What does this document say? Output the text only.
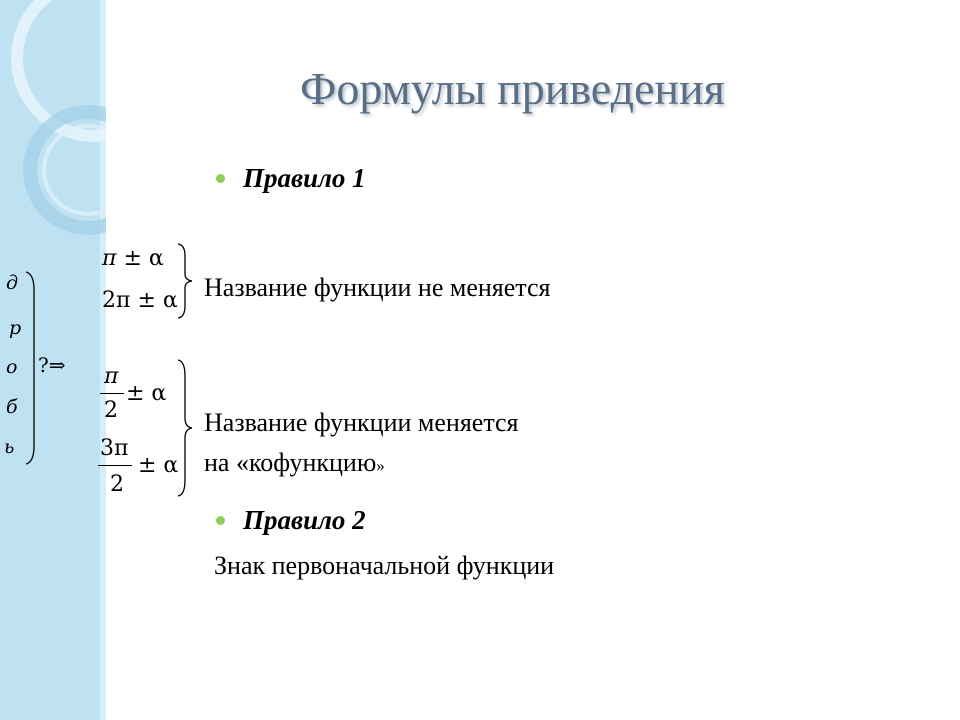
Формулы приведения
Правило 1
д
р
о
б
ь
?⇒
π ± α
2π ± α Название функции не меняется
π
2
± α
3π
2
± α
Название функции меняется
на «кофункцию»
Правило 2
Знак первоначальной функции
